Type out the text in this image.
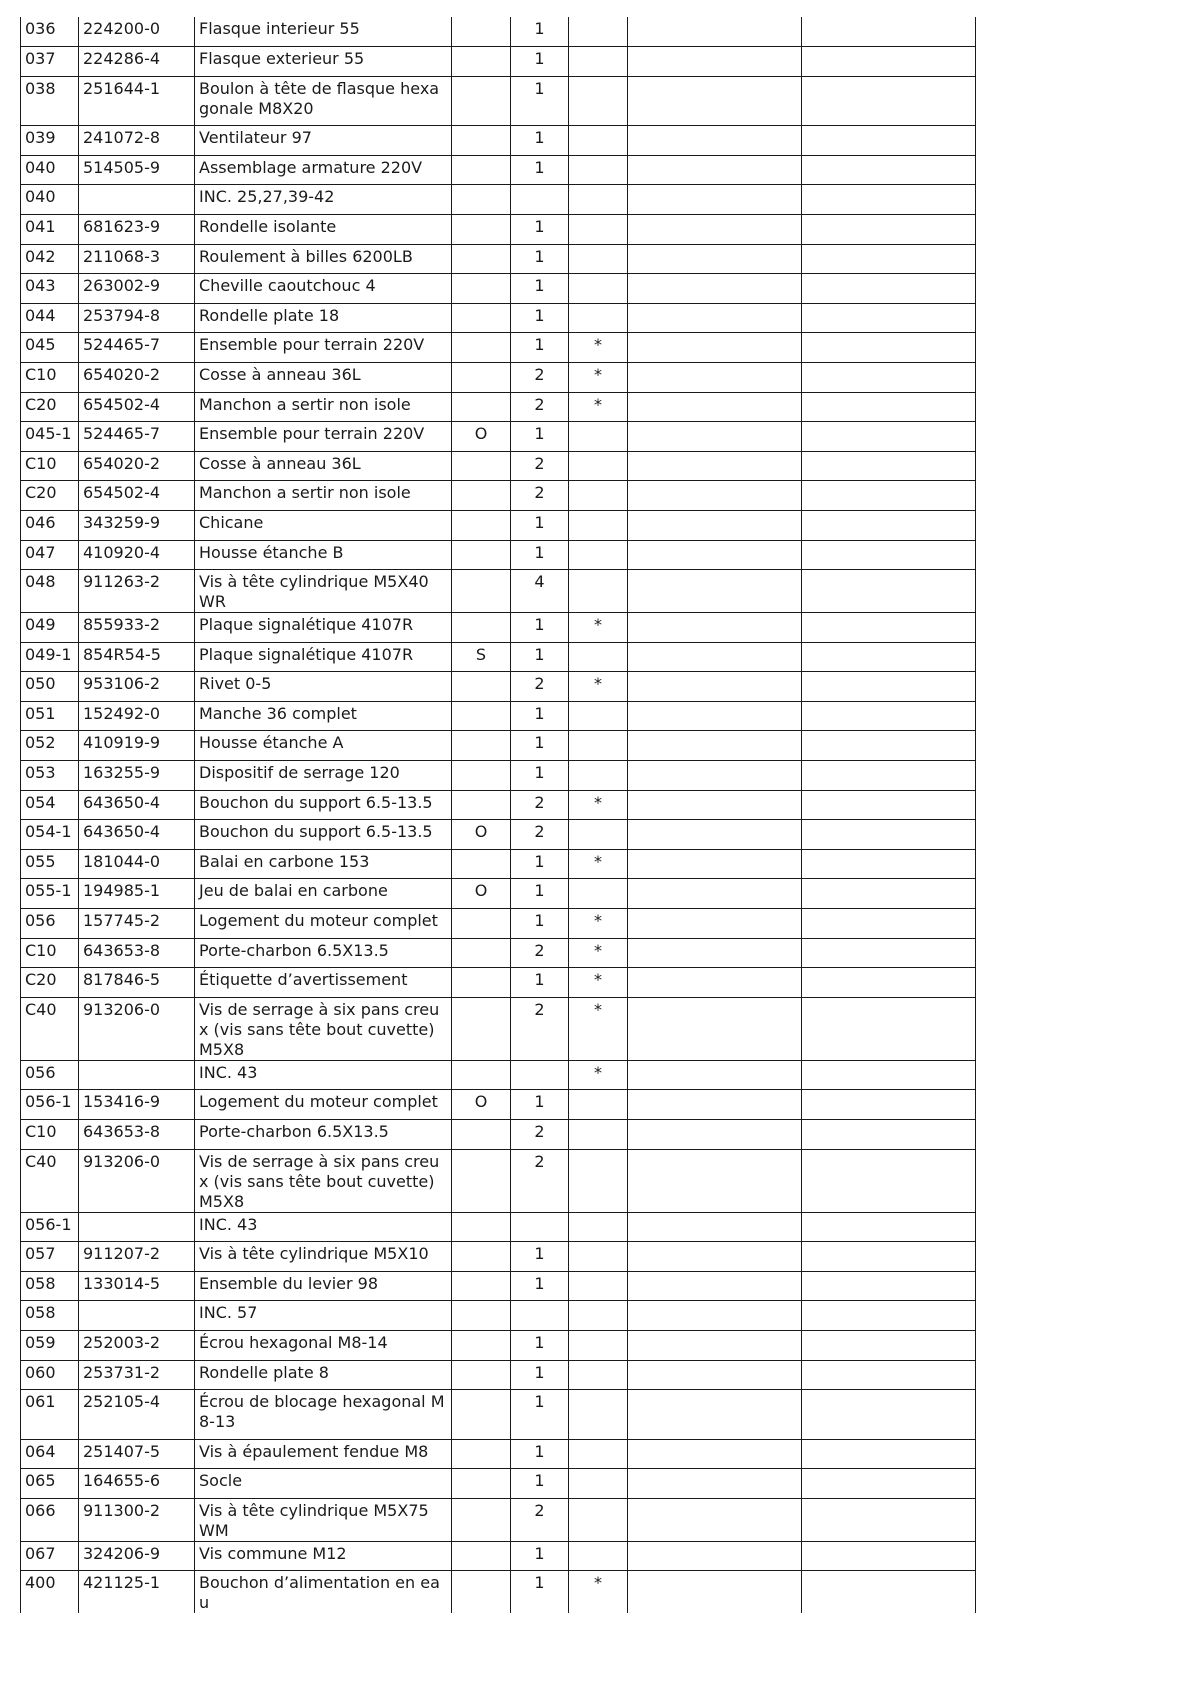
036	224200-0	Flasque interieur 55		1			
037	224286-4	Flasque exterieur 55		1			
038	251644-1	Boulon à tête de flasque hexagonale M8X20		1			
039	241072-8	Ventilateur 97		1			
040	514505-9	Assemblage armature 220V		1			
040		INC. 25,27,39-42					
041	681623-9	Rondelle isolante		1			
042	211068-3	Roulement à billes 6200LB		1			
043	263002-9	Cheville caoutchouc 4		1			
044	253794-8	Rondelle plate 18		1			
045	524465-7	Ensemble pour terrain 220V		1	*		
C10	654020-2	Cosse à anneau 36L		2	*		
C20	654502-4	Manchon a sertir non isole		2	*		
045-1	524465-7	Ensemble pour terrain 220V	O	1			
C10	654020-2	Cosse à anneau 36L		2			
C20	654502-4	Manchon a sertir non isole		2			
046	343259-9	Chicane		1			
047	410920-4	Housse étanche B		1			
048	911263-2	Vis à tête cylindrique M5X40 WR		4			
049	855933-2	Plaque signalétique 4107R		1	*		
049-1	854R54-5	Plaque signalétique 4107R	S	1			
050	953106-2	Rivet 0-5		2	*		
051	152492-0	Manche 36 complet		1			
052	410919-9	Housse étanche A		1			
053	163255-9	Dispositif de serrage 120		1			
054	643650-4	Bouchon du support 6.5-13.5		2	*		
054-1	643650-4	Bouchon du support 6.5-13.5	O	2			
055	181044-0	Balai en carbone 153		1	*		
055-1	194985-1	Jeu de balai en carbone	O	1			
056	157745-2	Logement du moteur complet		1	*		
C10	643653-8	Porte-charbon 6.5X13.5		2	*		
C20	817846-5	Étiquette d’avertissement		1	*		
C40	913206-0	Vis de serrage à six pans creux (vis sans tête bout cuvette) M5X8		2	*		
056		INC. 43			*		
056-1	153416-9	Logement du moteur complet	O	1			
C10	643653-8	Porte-charbon 6.5X13.5		2			
C40	913206-0	Vis de serrage à six pans creux (vis sans tête bout cuvette) M5X8		2			
056-1		INC. 43					
057	911207-2	Vis à tête cylindrique M5X10		1			
058	133014-5	Ensemble du levier 98		1			
058		INC. 57					
059	252003-2	Écrou hexagonal M8-14		1			
060	253731-2	Rondelle plate 8		1			
061	252105-4	Écrou de blocage hexagonal M8-13		1			
064	251407-5	Vis à épaulement fendue M8		1			
065	164655-6	Socle		1			
066	911300-2	Vis à tête cylindrique M5X75 WM		2			
067	324206-9	Vis commune M12		1			
400	421125-1	Bouchon d’alimentation en eau		1	*		
